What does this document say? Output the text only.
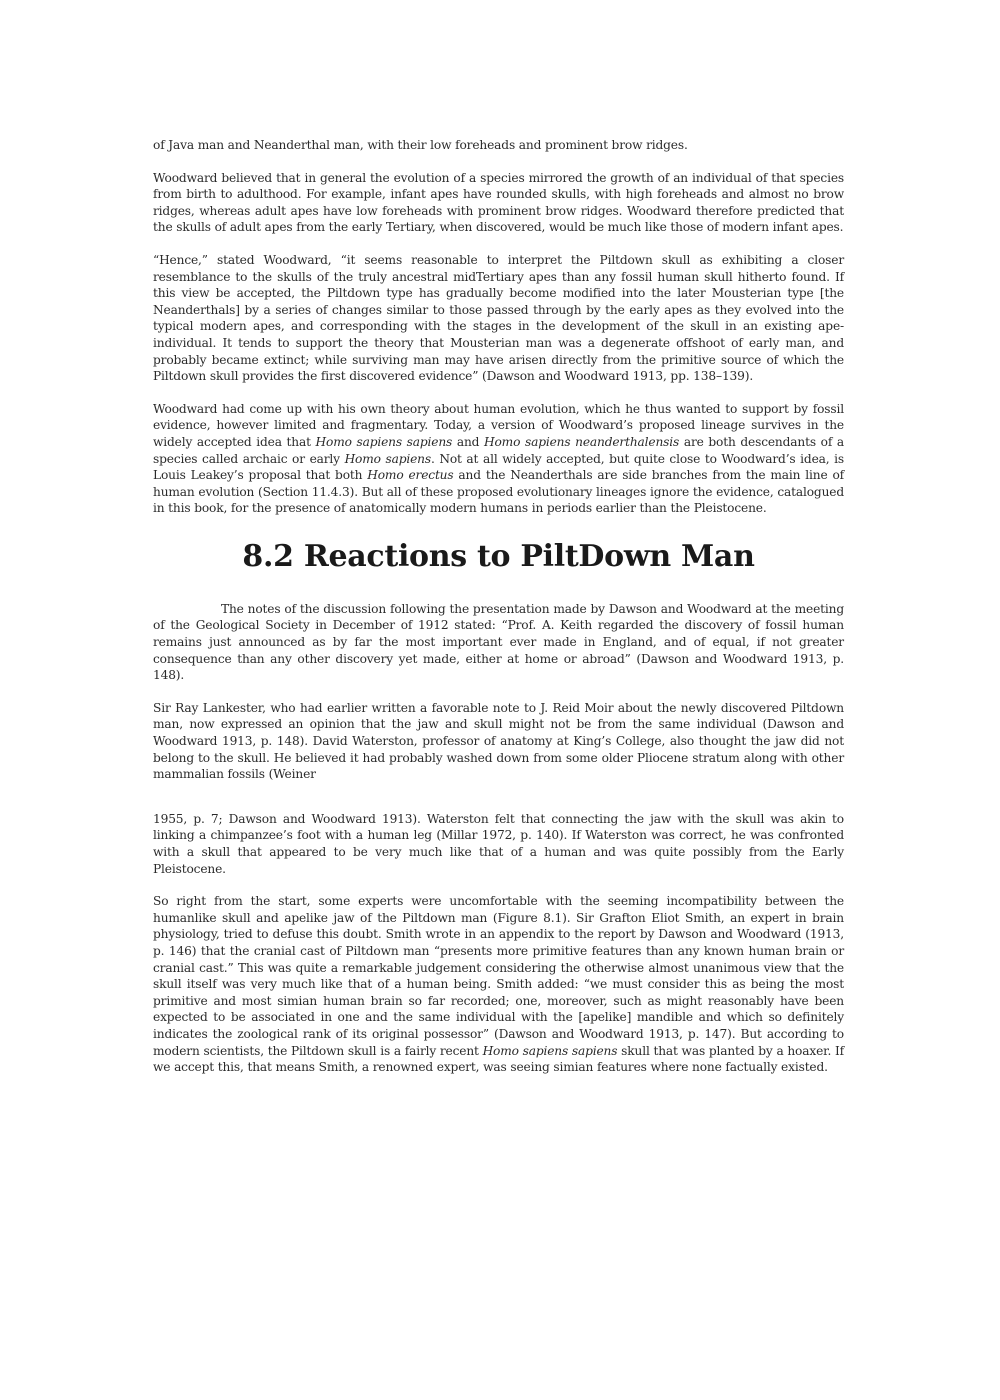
of Java man and Neanderthal man, with their low foreheads and prominent brow ridges.

Woodward believed that in general the evolution of a species mirrored the growth of an individual of that species from birth to adulthood. For example, infant apes have rounded skulls, with high foreheads and almost no brow ridges, whereas adult apes have low foreheads with prominent brow ridges. Woodward therefore predicted that the skulls of adult apes from the early Tertiary, when discovered, would be much like those of modern infant apes.

“Hence,” stated Woodward, “it seems reasonable to interpret the Piltdown skull as exhibiting a closer resemblance to the skulls of the truly ancestral midTertiary apes than any fossil human skull hitherto found. If this view be accepted, the Piltdown type has gradually become modified into the later Mousterian type [the Neanderthals] by a series of changes similar to those passed through by the early apes as they evolved into the typical modern apes, and corresponding with the stages in the development of the skull in an existing ape-individual. It tends to support the theory that Mousterian man was a degenerate offshoot of early man, and probably became extinct; while surviving man may have arisen directly from the primitive source of which the Piltdown skull provides the first discovered evidence” (Dawson and Woodward 1913, pp. 138–139).

Woodward had come up with his own theory about human evolution, which he thus wanted to support by fossil evidence, however limited and fragmentary. Today, a version of Woodward’s proposed lineage survives in the widely accepted idea that Homo sapiens sapiens and Homo sapiens neanderthalensis are both descendants of a species called archaic or early Homo sapiens. Not at all widely accepted, but quite close to Woodward’s idea, is Louis Leakey’s proposal that both Homo erectus and the Neanderthals are side branches from the main line of human evolution (Section 11.4.3). But all of these proposed evolutionary lineages ignore the evidence, catalogued in this book, for the presence of anatomically modern humans in periods earlier than the Pleistocene.

8.2 Reactions to PiltDown Man

The notes of the discussion following the presentation made by Dawson and Woodward at the meeting of the Geological Society in December of 1912 stated: “Prof. A. Keith regarded the discovery of fossil human remains just announced as by far the most important ever made in England, and of equal, if not greater consequence than any other discovery yet made, either at home or abroad” (Dawson and Woodward 1913, p. 148).

Sir Ray Lankester, who had earlier written a favorable note to J. Reid Moir about the newly discovered Piltdown man, now expressed an opinion that the jaw and skull might not be from the same individual (Dawson and Woodward 1913, p. 148). David Waterston, professor of anatomy at King’s College, also thought the jaw did not belong to the skull. He believed it had probably washed down from some older Pliocene stratum along with other mammalian fossils (Weiner

1955, p. 7; Dawson and Woodward 1913). Waterston felt that connecting the jaw with the skull was akin to linking a chimpanzee’s foot with a human leg (Millar 1972, p. 140). If Waterston was correct, he was confronted with a skull that appeared to be very much like that of a human and was quite possibly from the Early Pleistocene.

So right from the start, some experts were uncomfortable with the seeming incompatibility between the humanlike skull and apelike jaw of the Piltdown man (Figure 8.1). Sir Grafton Eliot Smith, an expert in brain physiology, tried to defuse this doubt. Smith wrote in an appendix to the report by Dawson and Woodward (1913, p. 146) that the cranial cast of Piltdown man “presents more primitive features than any known human brain or cranial cast.” This was quite a remarkable judgement considering the otherwise almost unanimous view that the skull itself was very much like that of a human being. Smith added: “we must consider this as being the most primitive and most simian human brain so far recorded; one, moreover, such as might reasonably have been expected to be associated in one and the same individual with the [apelike] mandible and which so definitely indicates the zoological rank of its original possessor” (Dawson and Woodward 1913, p. 147). But according to modern scientists, the Piltdown skull is a fairly recent Homo sapiens sapiens skull that was planted by a hoaxer. If we accept this, that means Smith, a renowned expert, was seeing simian features where none factually existed.
